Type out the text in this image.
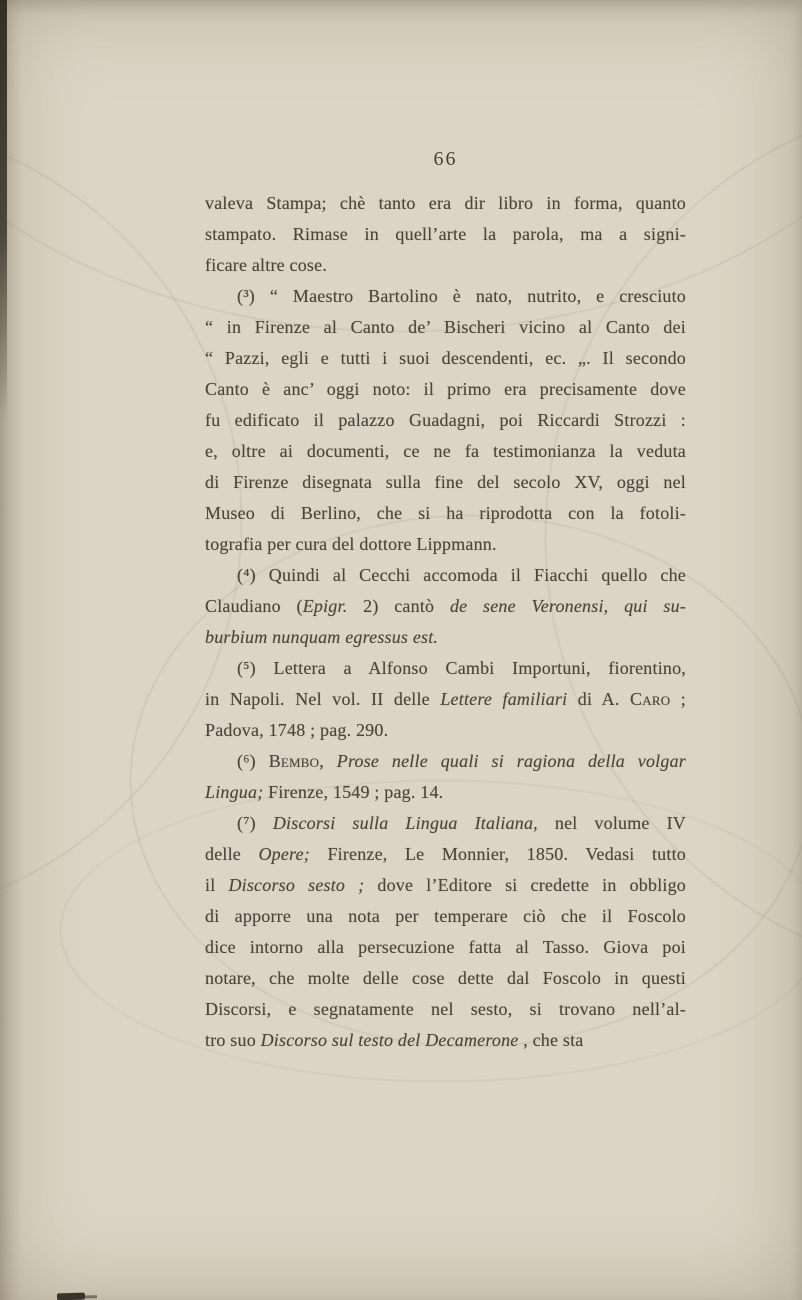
66
valeva Stampa; chè tanto era dir libro in forma, quanto
stampato. Rimase in quell’arte la parola, ma a signi-
ficare altre cose.
(³) “ Maestro Bartolino è nato, nutrito, e cresciuto
“ in Firenze al Canto de’ Bischeri vicino al Canto dei
“ Pazzi, egli e tutti i suoi descendenti, ec. „. Il secondo
Canto è anc’ oggi noto: il primo era precisamente dove
fu edificato il palazzo Guadagni, poi Riccardi Strozzi :
e, oltre ai documenti, ce ne fa testimonianza la veduta
di Firenze disegnata sulla fine del secolo XV, oggi nel
Museo di Berlino, che si ha riprodotta con la fotoli-
tografia per cura del dottore Lippmann.
(⁴) Quindi al Cecchi accomoda il Fiacchi quello che
Claudiano (Epigr. 2) cantò de sene Veronensi, qui su-
burbium nunquam egressus est.
(⁵) Lettera a Alfonso Cambi Importuni, fiorentino,
in Napoli. Nel vol. II delle Lettere familiari di A. Caro ;
Padova, 1748 ; pag. 290.
(⁶) Bembo, Prose nelle quali si ragiona della volgar
Lingua; Firenze, 1549 ; pag. 14.
(⁷) Discorsi sulla Lingua Italiana, nel volume IV
delle Opere; Firenze, Le Monnier, 1850. Vedasi tutto
il Discorso sesto ; dove l’Editore si credette in obbligo
di apporre una nota per temperare ciò che il Foscolo
dice intorno alla persecuzione fatta al Tasso. Giova poi
notare, che molte delle cose dette dal Foscolo in questi
Discorsi, e segnatamente nel sesto, si trovano nell’al-
tro suo Discorso sul testo del Decamerone , che sta
